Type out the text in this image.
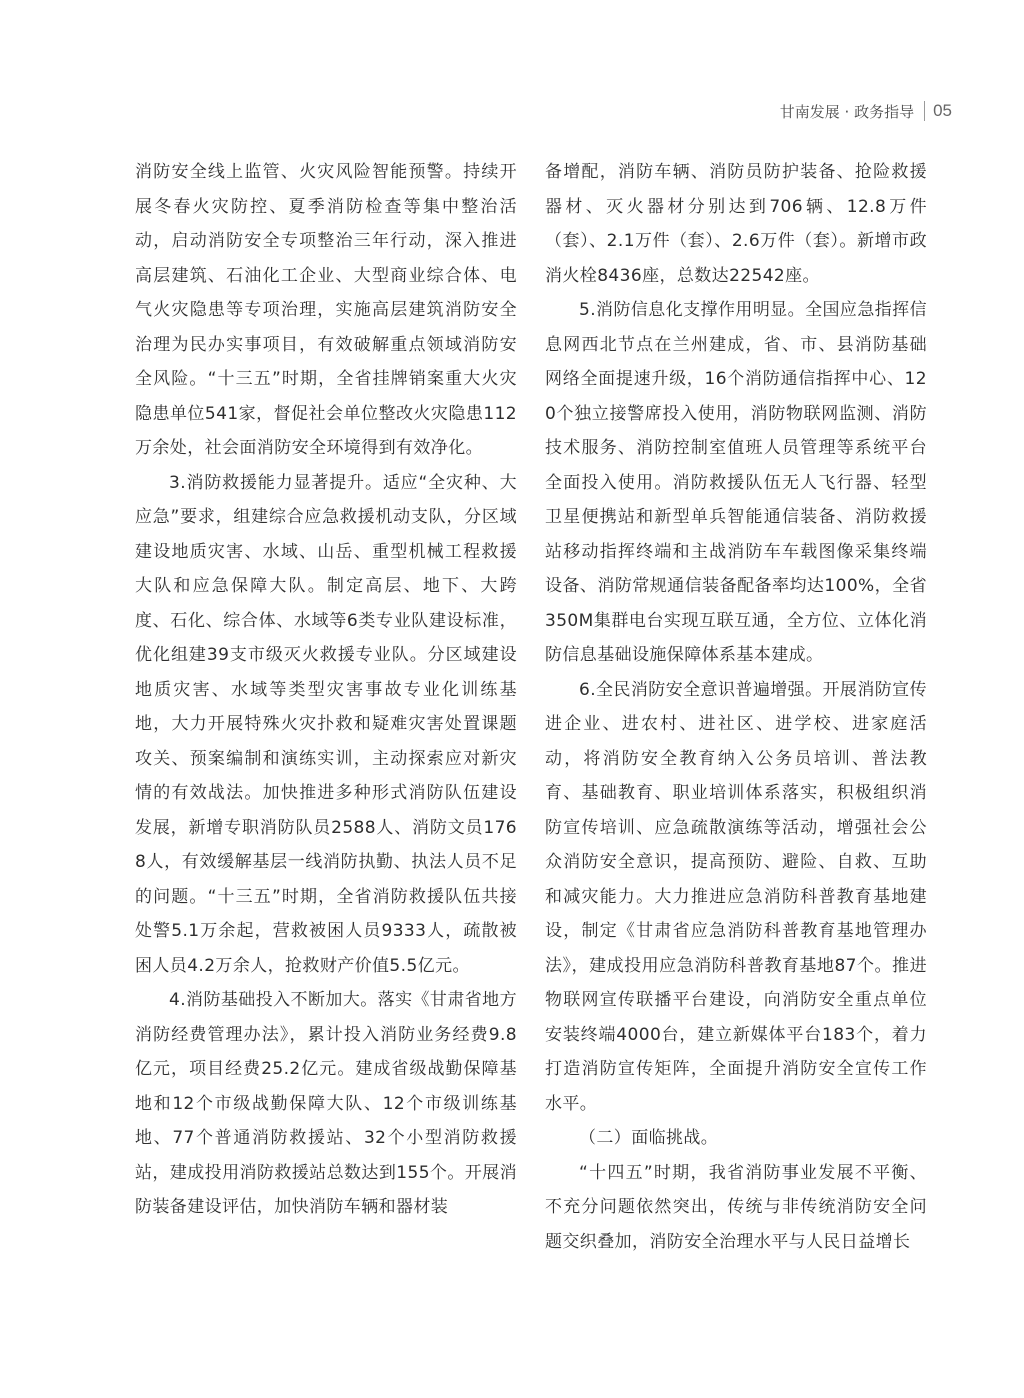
甘南发展 · 政务指导 05

消防安全线上监管、火灾风险智能预警。持续开展冬春火灾防控、夏季消防检查等集中整治活动，启动消防安全专项整治三年行动，深入推进高层建筑、石油化工企业、大型商业综合体、电气火灾隐患等专项治理，实施高层建筑消防安全治理为民办实事项目，有效破解重点领域消防安全风险。“十三五”时期，全省挂牌销案重大火灾隐患单位541家，督促社会单位整改火灾隐患112万余处，社会面消防安全环境得到有效净化。

3.消防救援能力显著提升。适应“全灾种、大应急”要求，组建综合应急救援机动支队，分区域建设地质灾害、水域、山岳、重型机械工程救援大队和应急保障大队。制定高层、地下、大跨度、石化、综合体、水域等6类专业队建设标准，优化组建39支市级灭火救援专业队。分区域建设地质灾害、水域等类型灾害事故专业化训练基地，大力开展特殊火灾扑救和疑难灾害处置课题攻关、预案编制和演练实训，主动探索应对新灾情的有效战法。加快推进多种形式消防队伍建设发展，新增专职消防队员2588人、消防文员1768人，有效缓解基层一线消防执勤、执法人员不足的问题。“十三五”时期，全省消防救援队伍共接处警5.1万余起，营救被困人员9333人，疏散被困人员4.2万余人，抢救财产价值5.5亿元。

4.消防基础投入不断加大。落实《甘肃省地方消防经费管理办法》，累计投入消防业务经费9.8亿元，项目经费25.2亿元。建成省级战勤保障基地和12个市级战勤保障大队、12个市级训练基地、77个普通消防救援站、32个小型消防救援站，建成投用消防救援站总数达到155个。开展消防装备建设评估，加快消防车辆和器材装

备增配，消防车辆、消防员防护装备、抢险救援器材、灭火器材分别达到706辆、12.8万件（套）、2.1万件（套）、2.6万件（套）。新增市政消火栓8436座，总数达22542座。

5.消防信息化支撑作用明显。全国应急指挥信息网西北节点在兰州建成，省、市、县消防基础网络全面提速升级，16个消防通信指挥中心、120个独立接警席投入使用，消防物联网监测、消防技术服务、消防控制室值班人员管理等系统平台全面投入使用。消防救援队伍无人飞行器、轻型卫星便携站和新型单兵智能通信装备、消防救援站移动指挥终端和主战消防车车载图像采集终端设备、消防常规通信装备配备率均达100%，全省350M集群电台实现互联互通，全方位、立体化消防信息基础设施保障体系基本建成。

6.全民消防安全意识普遍增强。开展消防宣传进企业、进农村、进社区、进学校、进家庭活动，将消防安全教育纳入公务员培训、普法教育、基础教育、职业培训体系落实，积极组织消防宣传培训、应急疏散演练等活动，增强社会公众消防安全意识，提高预防、避险、自救、互助和减灾能力。大力推进应急消防科普教育基地建设，制定《甘肃省应急消防科普教育基地管理办法》，建成投用应急消防科普教育基地87个。推进物联网宣传联播平台建设，向消防安全重点单位安装终端4000台，建立新媒体平台183个，着力打造消防宣传矩阵，全面提升消防安全宣传工作水平。

（二）面临挑战。

“十四五”时期，我省消防事业发展不平衡、不充分问题依然突出，传统与非传统消防安全问题交织叠加，消防安全治理水平与人民日益增长
